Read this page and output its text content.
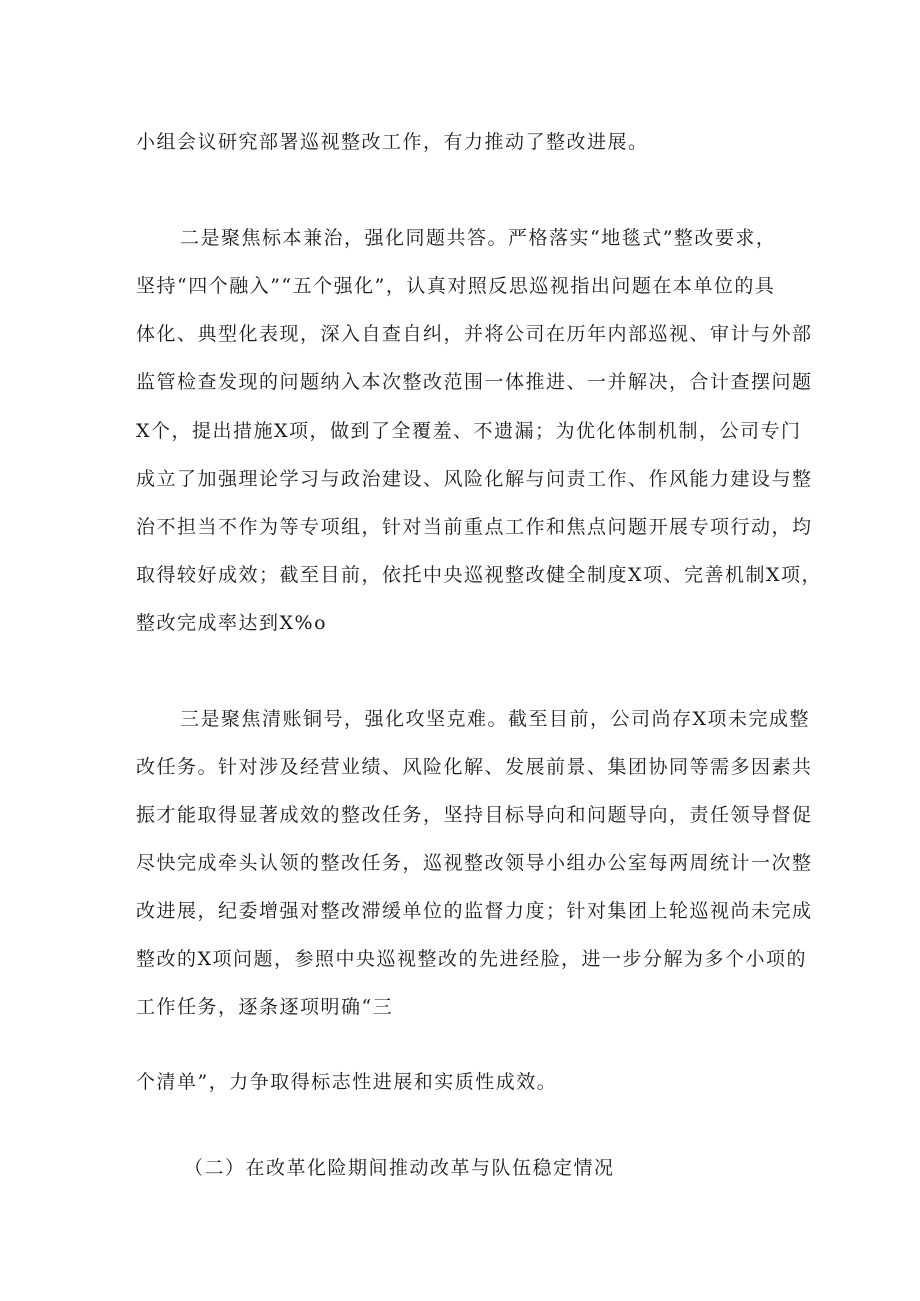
小组会议研究部署巡视整改工作，有力推动了整改进展。
二是聚焦标本兼治，强化同题共答。严格落实“地毯式”整改要求，
坚持“四个融入”“五个强化”，认真对照反思巡视指出问题在本单位的具
体化、典型化表现，深入自查自纠，并将公司在历年内部巡视、审计与外部
监管检查发现的问题纳入本次整改范围一体推进、一并解决，合计查摆问题
X个，提出措施X项，做到了全覆羞、不遗漏；为优化体制机制，公司专门
成立了加强理论学习与政治建设、风险化解与问责工作、作风能力建设与整
治不担当不作为等专项组，针对当前重点工作和焦点问题开展专项行动，均
取得较好成效；截至目前，依托中央巡视整改健全制度X项、完善机制X项，
整改完成率达到X%o
三是聚焦清账铜号，强化攻坚克难。截至目前，公司尚存X项未完成整
改任务。针对涉及经营业绩、风险化解、发展前景、集团协同等需多因素共
振才能取得显著成效的整改任务，坚持目标导向和问题导向，责任领导督促
尽快完成牵头认领的整改任务，巡视整改领导小组办公室每两周统计一次整
改进展，纪委增强对整改滞缓单位的监督力度；针对集团上轮巡视尚未完成
整改的X项问题，参照中央巡视整改的先进经脸，进一步分解为多个小项的
工作任务，逐条逐项明确“三
个清单”，力争取得标志性进展和实质性成效。
（二）在改革化险期间推动改革与队伍稳定情况
